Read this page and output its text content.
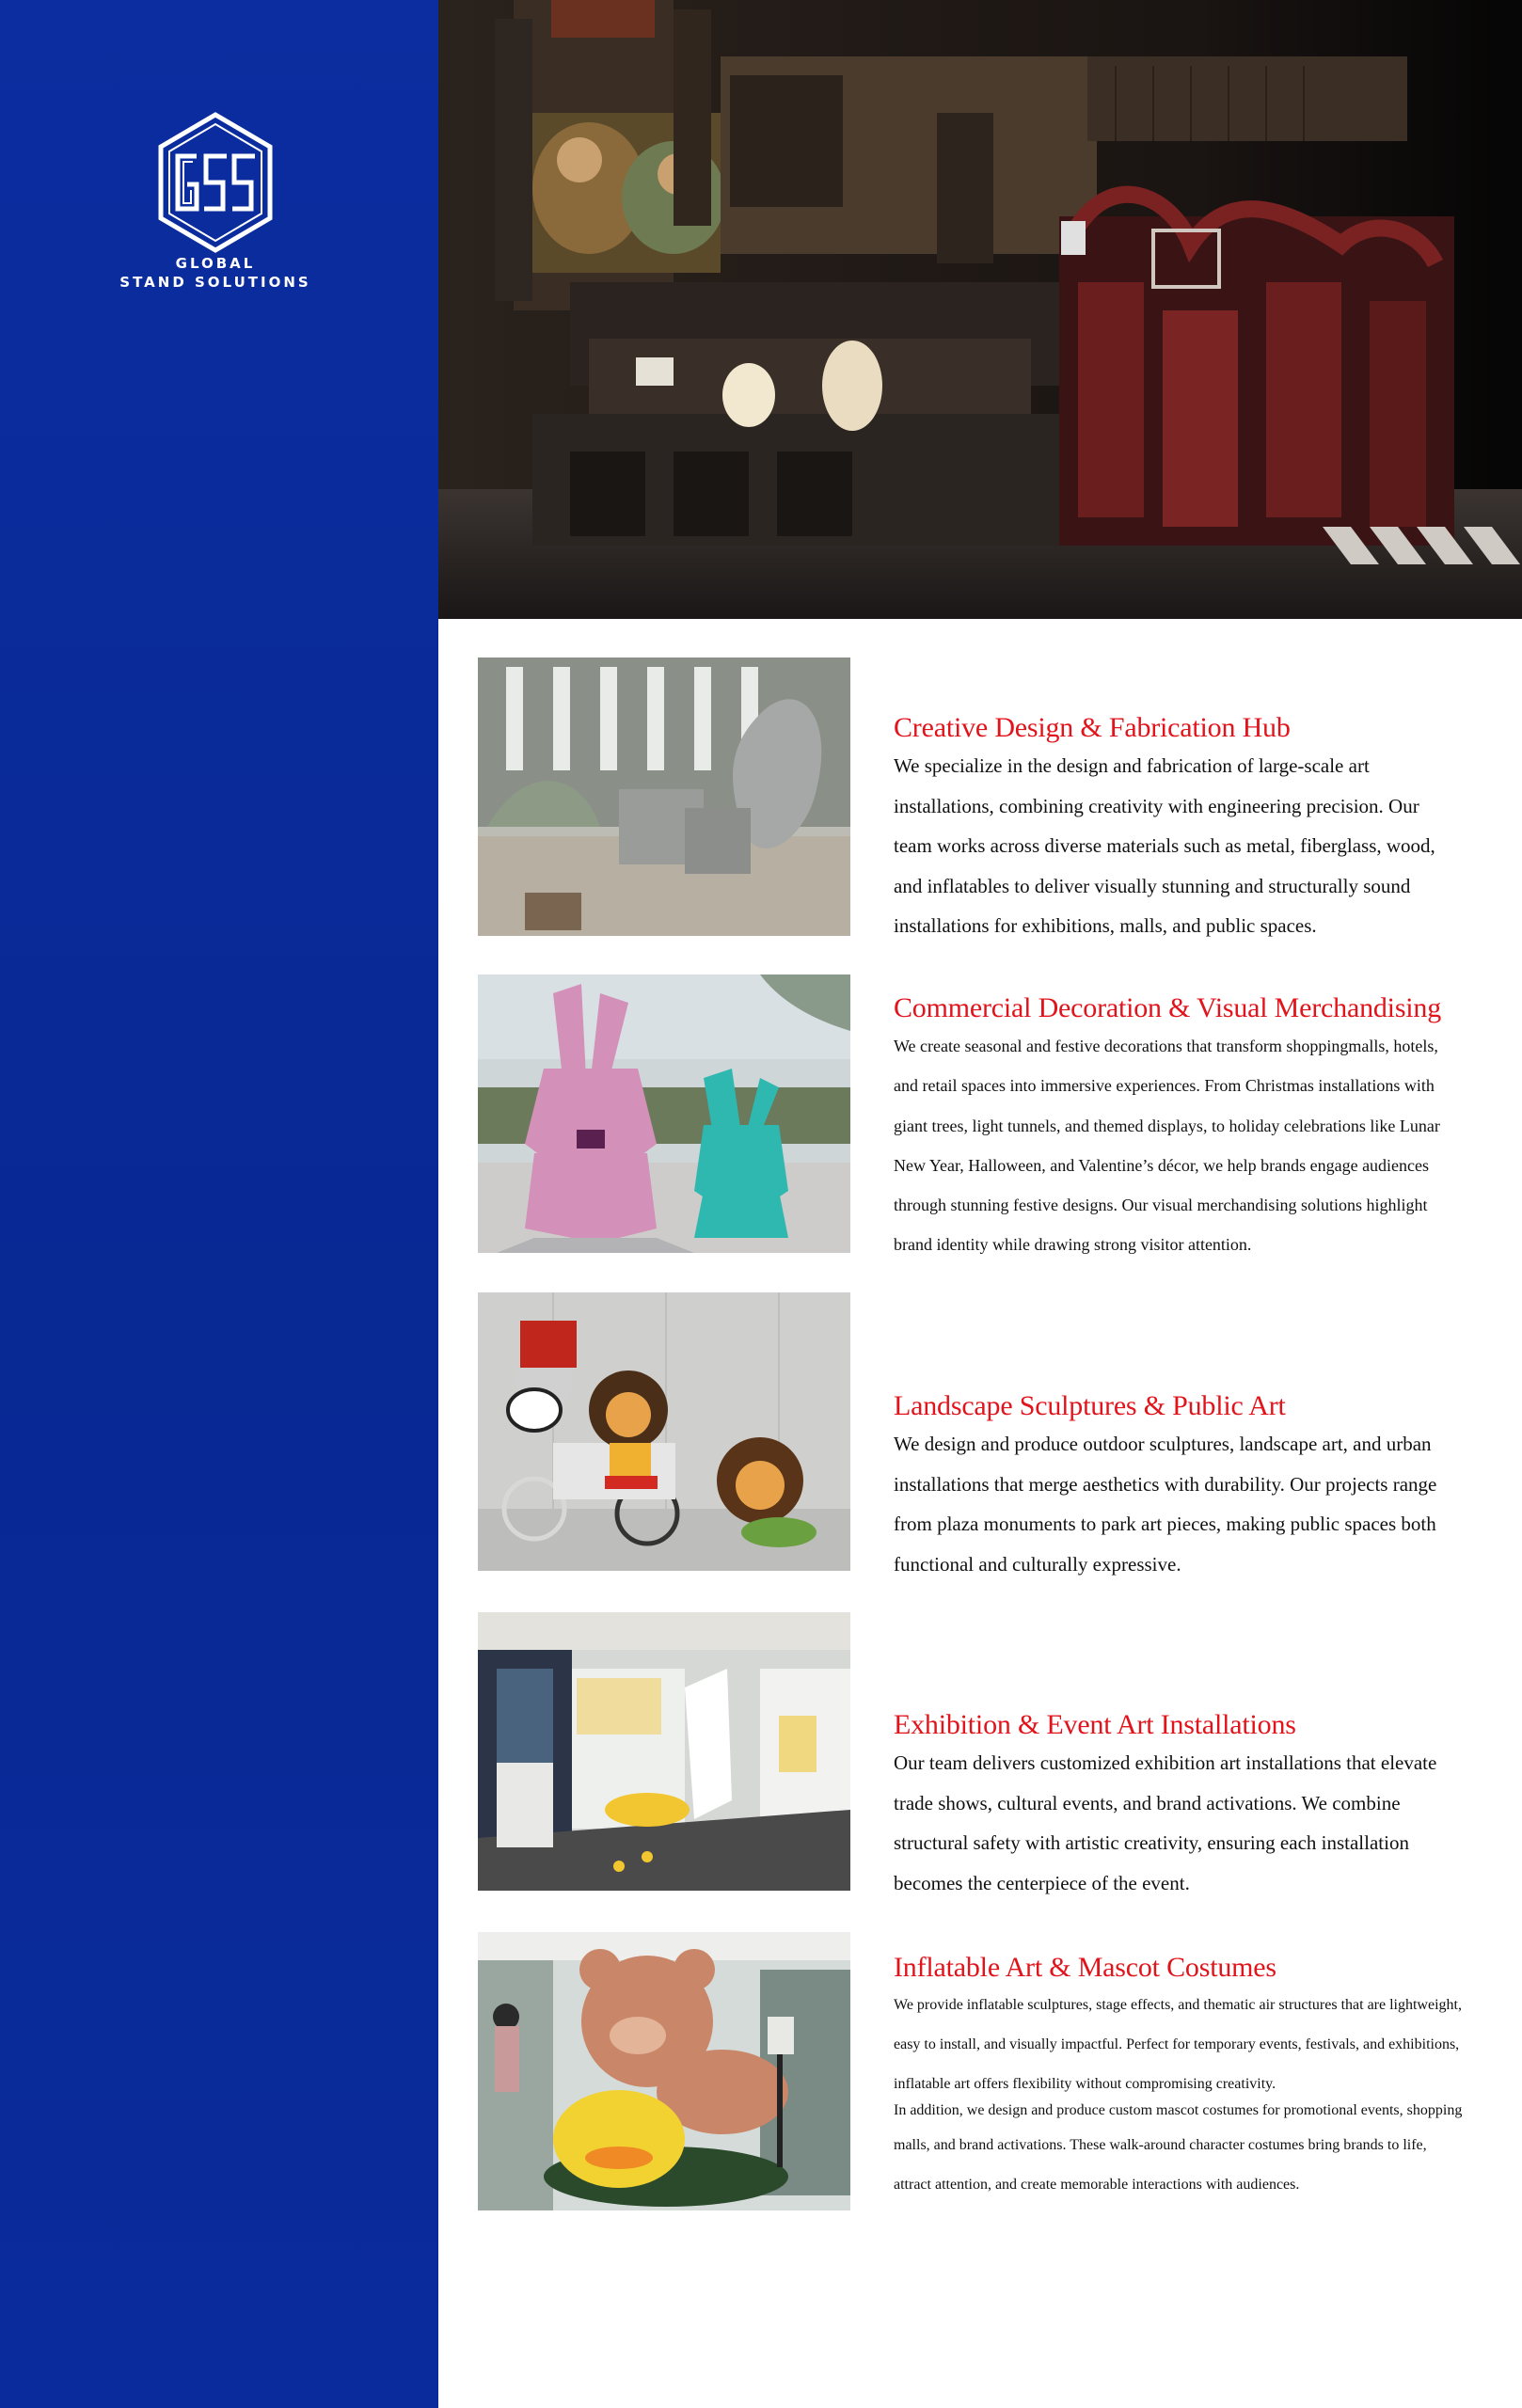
GLOBAL
STAND SOLUTIONS
Creative Design & Fabrication Hub
We specialize in the design and fabrication of large-scale art
installations, combining creativity with engineering precision. Our
team works across diverse materials such as metal, fiberglass, wood,
and inflatables to deliver visually stunning and structurally sound
installations for exhibitions, malls, and public spaces.
Commercial Decoration & Visual Merchandising
We create seasonal and festive decorations that transform shoppingmalls, hotels,
and retail spaces into immersive experiences. From Christmas installations with
giant trees, light tunnels, and themed displays, to holiday celebrations like Lunar
New Year, Halloween, and Valentine’s décor, we help brands engage audiences
through stunning festive designs. Our visual merchandising solutions highlight
brand identity while drawing strong visitor attention.
Landscape Sculptures & Public Art
We design and produce outdoor sculptures, landscape art, and urban
installations that merge aesthetics with durability. Our projects range
from plaza monuments to park art pieces, making public spaces both
functional and culturally expressive.
Exhibition & Event Art Installations
Our team delivers customized exhibition art installations that elevate
trade shows, cultural events, and brand activations. We combine
structural safety with artistic creativity, ensuring each installation
becomes the centerpiece of the event.
Inflatable Art & Mascot Costumes
We provide inflatable sculptures, stage effects, and thematic air structures that are lightweight,
easy to install, and visually impactful. Perfect for temporary events, festivals, and exhibitions,
inflatable art offers flexibility without compromising creativity.
In addition, we design and produce custom mascot costumes for promotional events, shopping
malls, and brand activations. These walk-around character costumes bring brands to life,
attract attention, and create memorable interactions with audiences.
